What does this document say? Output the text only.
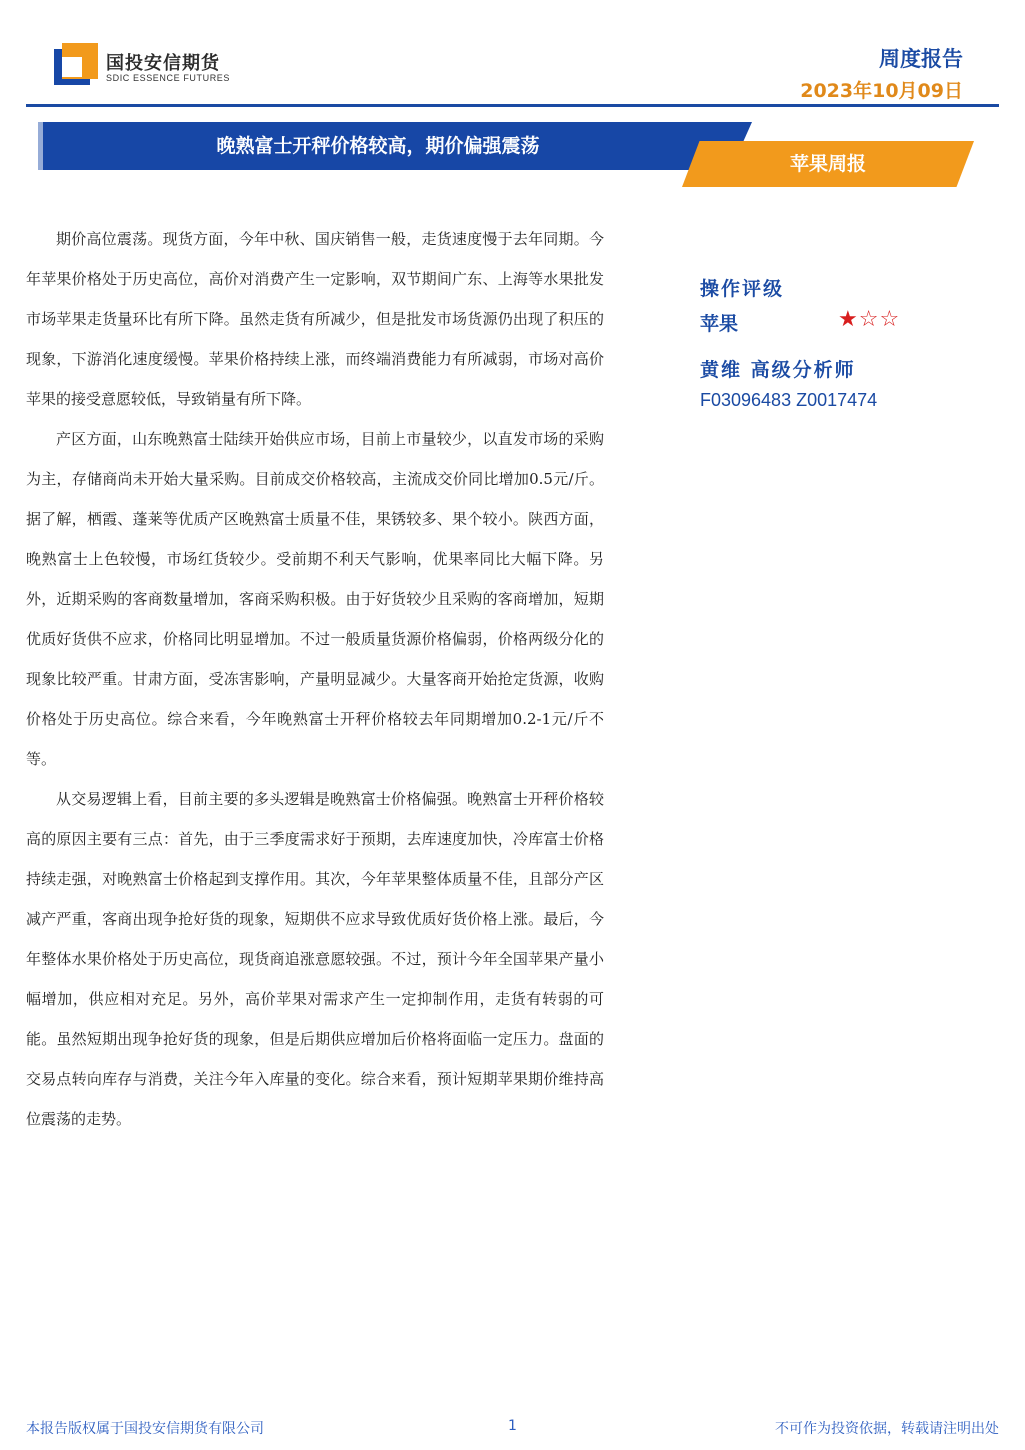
国投安信期货
SDIC ESSENCE FUTURES
周度报告
2023年10月09日
晚熟富士开秤价格较高，期价偏强震荡
苹果周报

期价高位震荡。现货方面，今年中秋、国庆销售一般，走货速度慢于去年同期。今年苹果价格处于历史高位，高价对消费产生一定影响，双节期间广东、上海等水果批发市场苹果走货量环比有所下降。虽然走货有所减少，但是批发市场货源仍出现了积压的现象，下游消化速度缓慢。苹果价格持续上涨，而终端消费能力有所减弱，市场对高价苹果的接受意愿较低，导致销量有所下降。

产区方面，山东晚熟富士陆续开始供应市场，目前上市量较少，以直发市场的采购为主，存储商尚未开始大量采购。目前成交价格较高，主流成交价同比增加0.5元/斤。据了解，栖霞、蓬莱等优质产区晚熟富士质量不佳，果锈较多、果个较小。陕西方面，晚熟富士上色较慢，市场红货较少。受前期不利天气影响，优果率同比大幅下降。另外，近期采购的客商数量增加，客商采购积极。由于好货较少且采购的客商增加，短期优质好货供不应求，价格同比明显增加。不过一般质量货源价格偏弱，价格两级分化的现象比较严重。甘肃方面，受冻害影响，产量明显减少。大量客商开始抢定货源，收购价格处于历史高位。综合来看，今年晚熟富士开秤价格较去年同期增加0.2-1元/斤不等。

从交易逻辑上看，目前主要的多头逻辑是晚熟富士价格偏强。晚熟富士开秤价格较高的原因主要有三点：首先，由于三季度需求好于预期，去库速度加快，冷库富士价格持续走强，对晚熟富士价格起到支撑作用。其次，今年苹果整体质量不佳，且部分产区减产严重，客商出现争抢好货的现象，短期供不应求导致优质好货价格上涨。最后，今年整体水果价格处于历史高位，现货商追涨意愿较强。不过，预计今年全国苹果产量小幅增加，供应相对充足。另外，高价苹果对需求产生一定抑制作用，走货有转弱的可能。虽然短期出现争抢好货的现象，但是后期供应增加后价格将面临一定压力。盘面的交易点转向库存与消费，关注今年入库量的变化。综合来看，预计短期苹果期价维持高位震荡的走势。

操作评级
苹果	★☆☆
黄维 高级分析师
F03096483 Z0017474
本报告版权属于国投安信期货有限公司	1	不可作为投资依据，转载请注明出处
